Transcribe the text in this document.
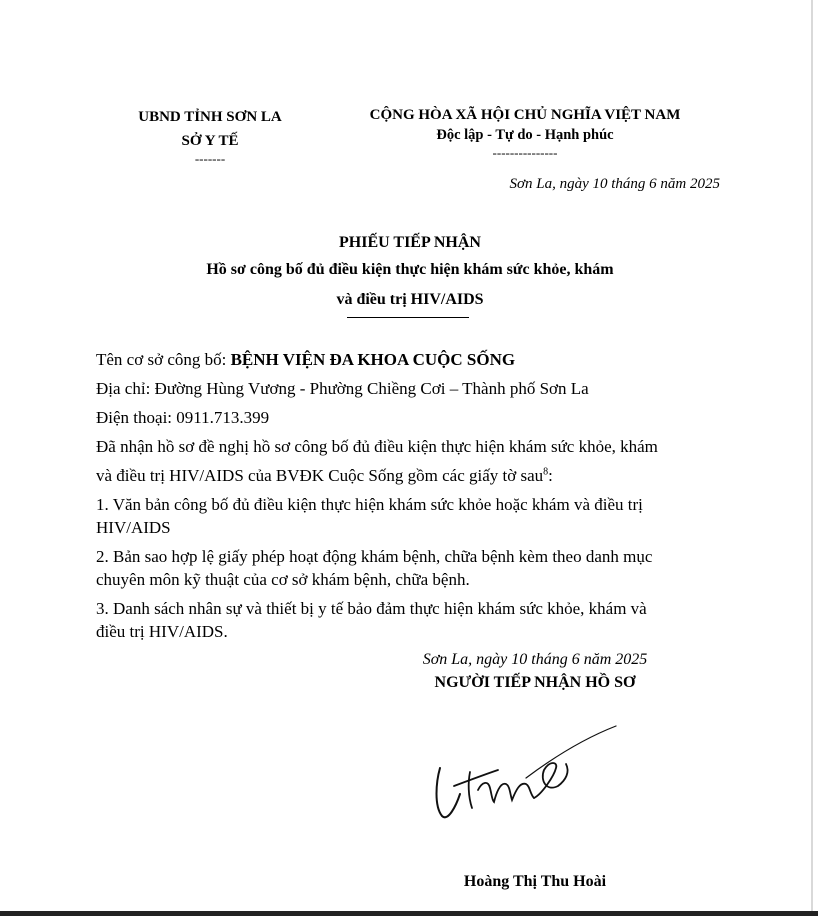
UBND TỈNH SƠN LA
SỞ Y TẾ
-------
CỘNG HÒA XÃ HỘI CHỦ NGHĨA VIỆT NAM
Độc lập - Tự do - Hạnh phúc
---------------
Sơn La, ngày 10 tháng 6 năm 2025
PHIẾU TIẾP NHẬN
Hồ sơ công bố đủ điều kiện thực hiện khám sức khỏe, khám
và điều trị HIV/AIDS
Tên cơ sở công bố: BỆNH VIỆN ĐA KHOA CUỘC SỐNG
Địa chỉ: Đường Hùng Vương - Phường Chiềng Cơi – Thành phố Sơn La
Điện thoại: 0911.713.399
Đã nhận hồ sơ đề nghị hồ sơ công bố đủ điều kiện thực hiện khám sức khỏe, khám
và điều trị HIV/AIDS của BVĐK Cuộc Sống gồm các giấy tờ sau$^8$:
1. Văn bản công bố đủ điều kiện thực hiện khám sức khỏe hoặc khám và điều trị
HIV/AIDS
2. Bản sao hợp lệ giấy phép hoạt động khám bệnh, chữa bệnh kèm theo danh mục
chuyên môn kỹ thuật của cơ sở khám bệnh, chữa bệnh.
3. Danh sách nhân sự và thiết bị y tế bảo đảm thực hiện khám sức khỏe, khám và
điều trị HIV/AIDS.
Sơn La, ngày 10 tháng 6 năm 2025
NGƯỜI TIẾP NHẬN HỒ SƠ
Hoàng Thị Thu Hoài
